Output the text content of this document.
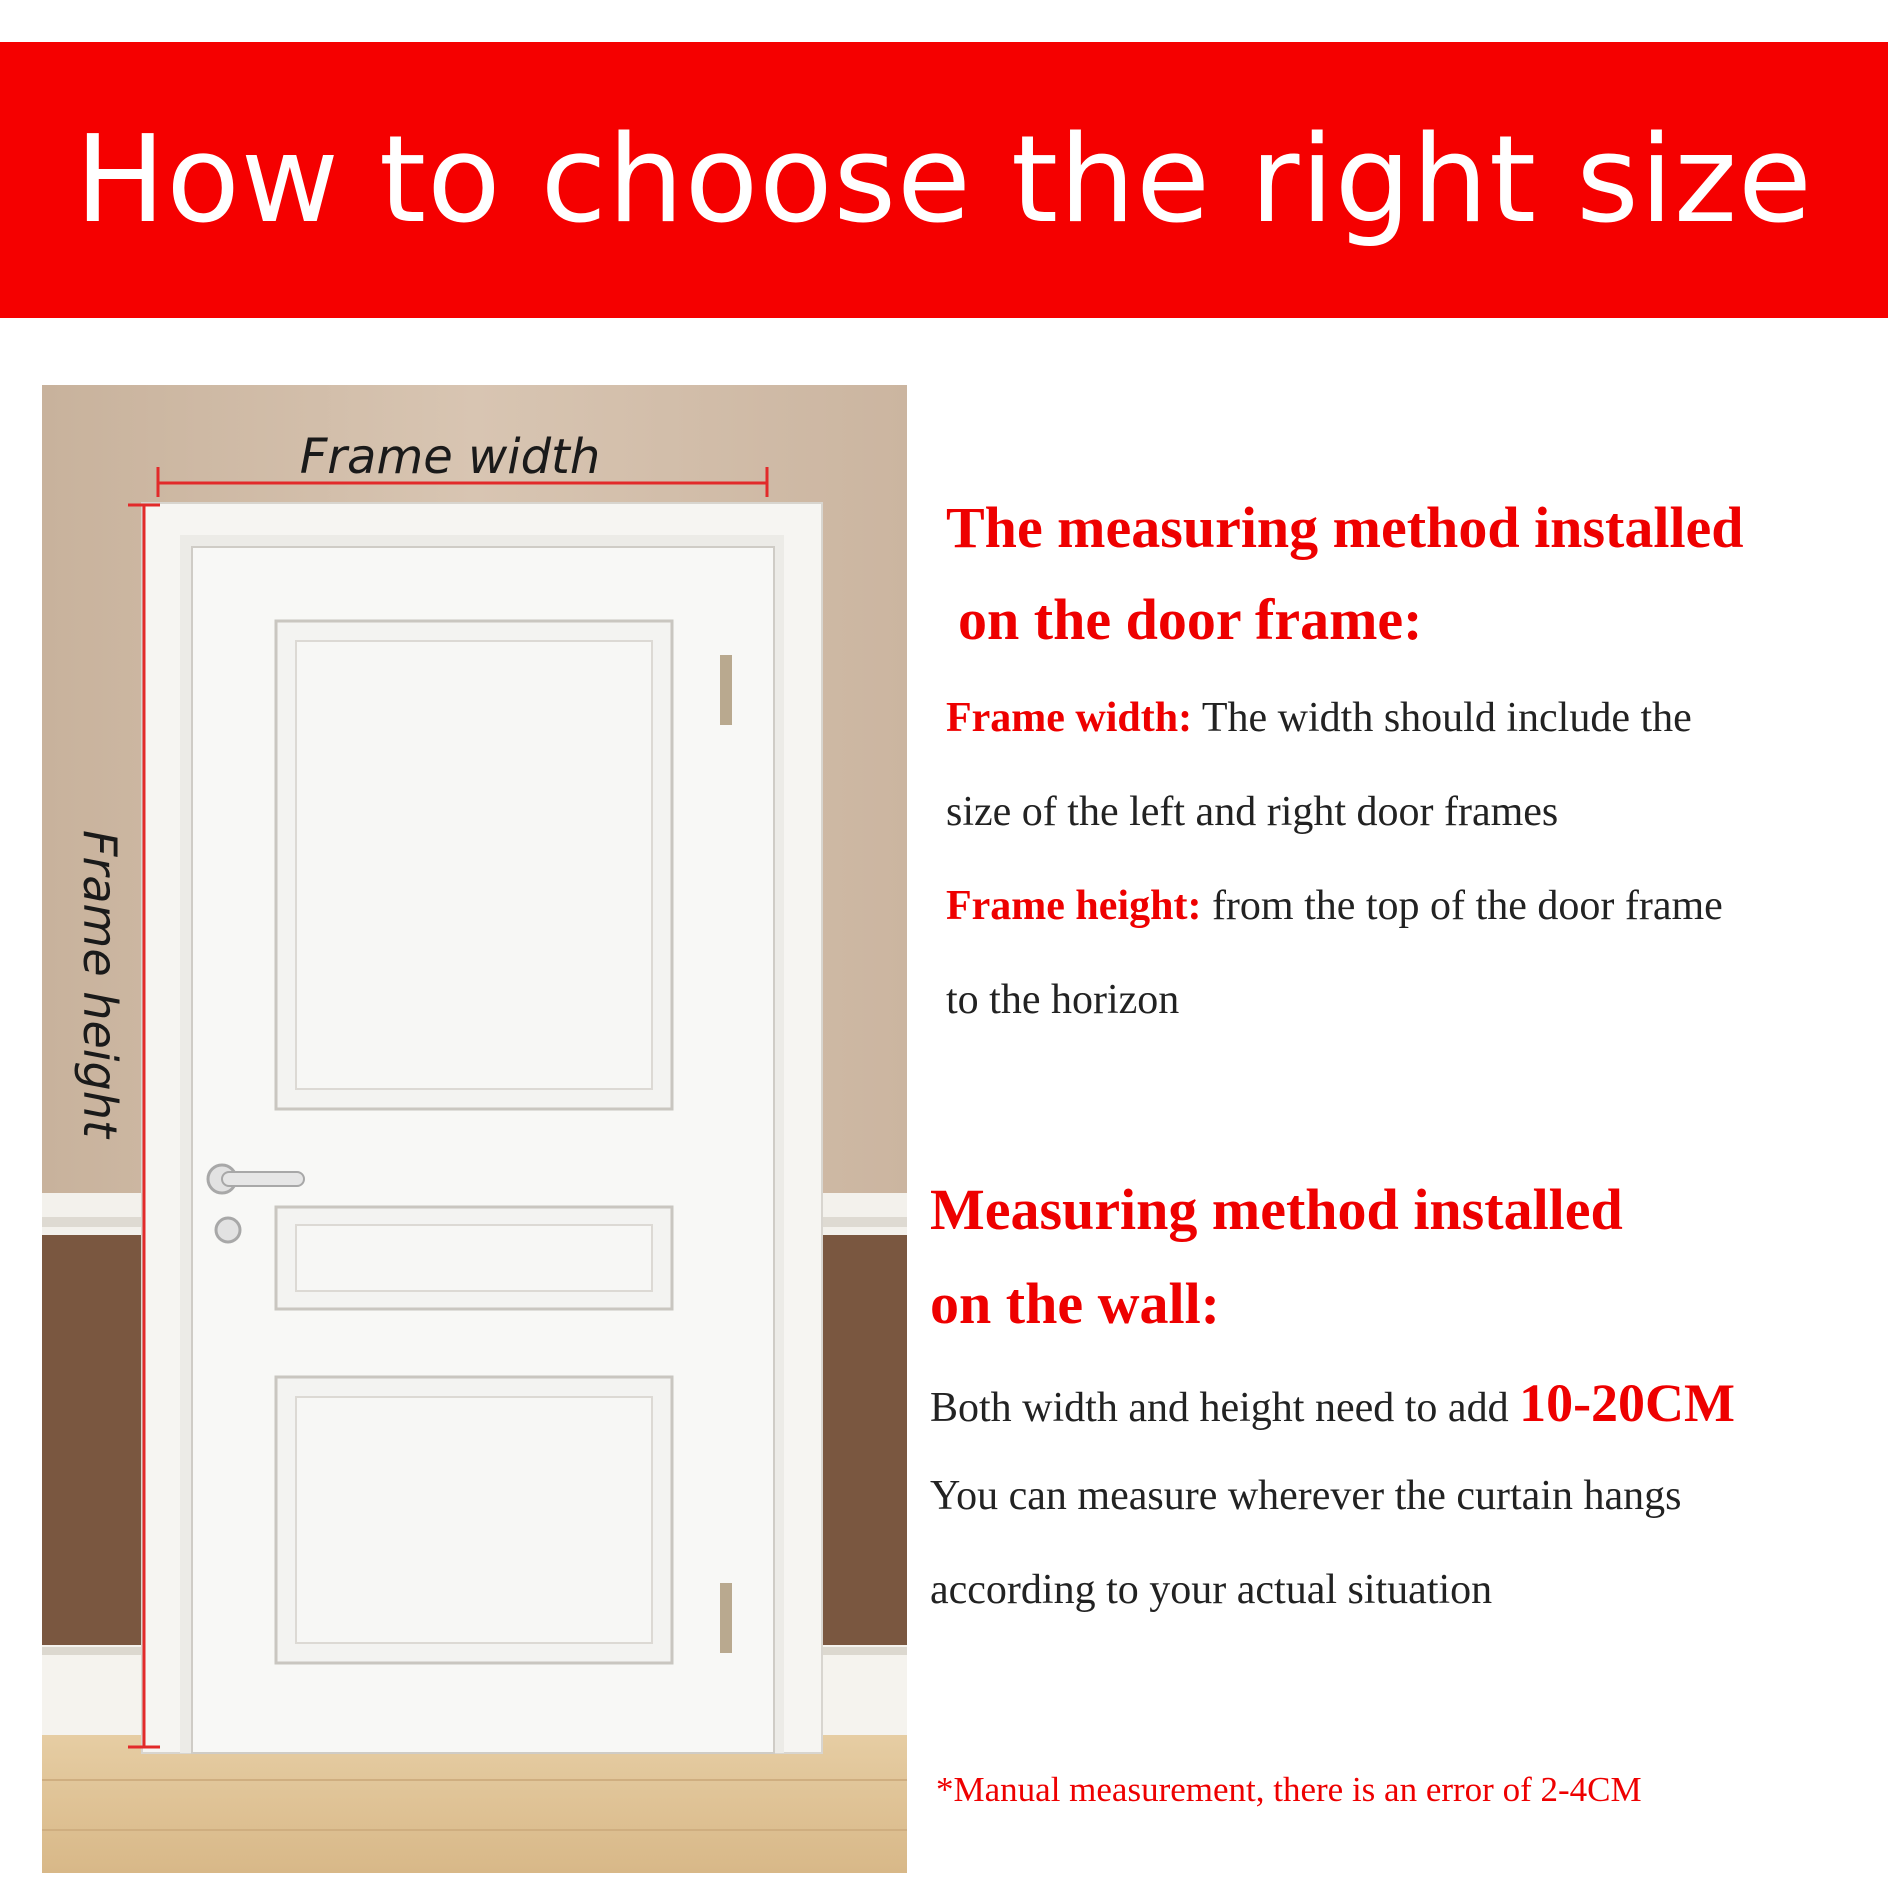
How to choose the right size
Frame width
Frame height
The measuring method installed
on the door frame:
Frame width: The width should include the
size of the left and right door frames
Frame height: from the top of the door frame
to the horizon
Measuring method installed
on the wall:
Both width and height need to add 10-20CM
You can measure wherever the curtain hangs
according to your actual situation
*Manual measurement, there is an error of 2-4CM
